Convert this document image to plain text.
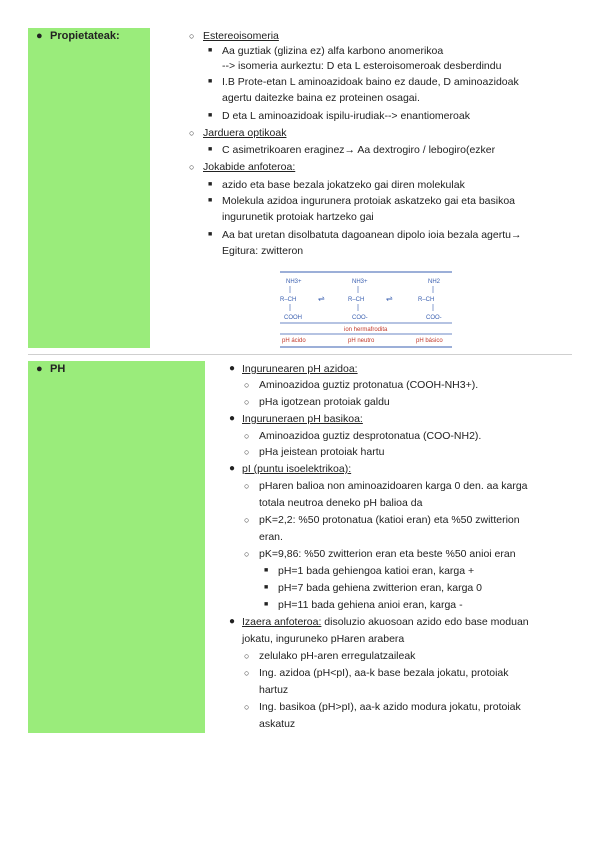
● Propietateak:
● PH
○ Estereoisomeria
■ Aa guztiak (glizina ez) alfa karbono anomerikoa
--> isomeria aurkeztu: D eta L esteroisomeroak desberdindu
■ I.B Prote-etan L aminoazidoak baino ez daude, D aminoazidoak
agertu daitezke baina ez proteinen osagai.
■ D eta L aminoazidoak ispilu-irudiak--> enantiomeroak
○ Jarduera optikoak
■ C asimetrikoaren eraginez→ Aa dextrogiro / lebogiro(ezker
○ Jokabide anfoteroa:
■ azido eta base bezala jokatzeko gai diren molekulak
■ Molekula azidoa ingurunera protoiak askatzeko gai eta basikoa
ingurunetik protoiak hartzeko gai
■ Aa bat uretan disolbatuta dagoanean dipolo ioia bezala agertu→
Egitura: zwitteron
NH3+
R–CH
COOH
⇌
NH3+
R–CH
COO-
⇌
NH2
R–CH
COO-
ion hermafrodita
pH ácido	pH neutro	pH básico
● Ingurunearen pH azidoa:
○ Aminoazidoa guztiz protonatua (COOH-NH3+).
○ pHa igotzean protoiak galdu
● Inguruneraen pH basikoa:
○ Aminoazidoa guztiz desprotonatua (COO-NH2).
○ pHa jeistean protoiak hartu
● pI (puntu isoelektrikoa):
○ pHaren balioa non aminoazidoaren karga 0 den. aa karga
totala neutroa deneko pH balioa da
○ pK=2,2: %50 protonatua (katioi eran) eta %50 zwitterion
eran.
○ pK=9,86: %50 zwitterion eran eta beste %50 anioi eran
■ pH=1 bada gehiengoa katioi eran, karga +
■ pH=7 bada gehiena zwitterion eran, karga 0
■ pH=11 bada gehiena anioi eran, karga -
● Izaera anfoteroa: disoluzio akuosoan azido edo base moduan
jokatu, inguruneko pHaren arabera
○ zelulako pH-aren erregulatzaileak
○ Ing. azidoa (pH<pI), aa-k base bezala jokatu, protoiak
hartuz
○ Ing. basikoa (pH>pI), aa-k azido modura jokatu, protoiak
askatuz
